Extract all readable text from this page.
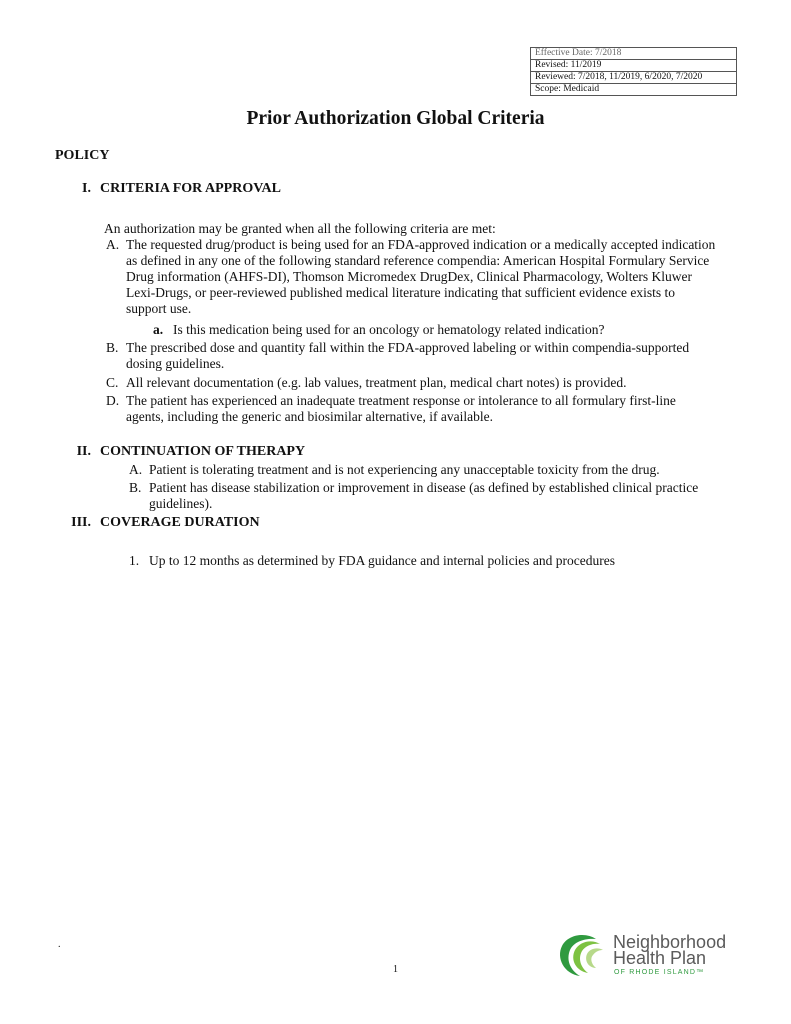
Effective Date: 7/2018
Revised: 11/2019
Reviewed: 7/2018, 11/2019, 6/2020, 7/2020
Scope: Medicaid
Prior Authorization Global Criteria
POLICY
I. CRITERIA FOR APPROVAL
An authorization may be granted when all the following criteria are met:
A. The requested drug/product is being used for an FDA-approved indication or a medically accepted indication as defined in any one of the following standard reference compendia: American Hospital Formulary Service Drug information (AHFS-DI), Thomson Micromedex DrugDex, Clinical Pharmacology, Wolters Kluwer Lexi-Drugs, or peer-reviewed published medical literature indicating that sufficient evidence exists to support use.
a. Is this medication being used for an oncology or hematology related indication?
B. The prescribed dose and quantity fall within the FDA-approved labeling or within compendia-supported dosing guidelines.
C. All relevant documentation (e.g. lab values, treatment plan, medical chart notes) is provided.
D. The patient has experienced an inadequate treatment response or intolerance to all formulary first-line agents, including the generic and biosimilar alternative, if available.
II. CONTINUATION OF THERAPY
A. Patient is tolerating treatment and is not experiencing any unacceptable toxicity from the drug.
B. Patient has disease stabilization or improvement in disease (as defined by established clinical practice guidelines).
III. COVERAGE DURATION
1. Up to 12 months as determined by FDA guidance and internal policies and procedures
.
1
Neighborhood
Health Plan
OF RHODE ISLAND™
